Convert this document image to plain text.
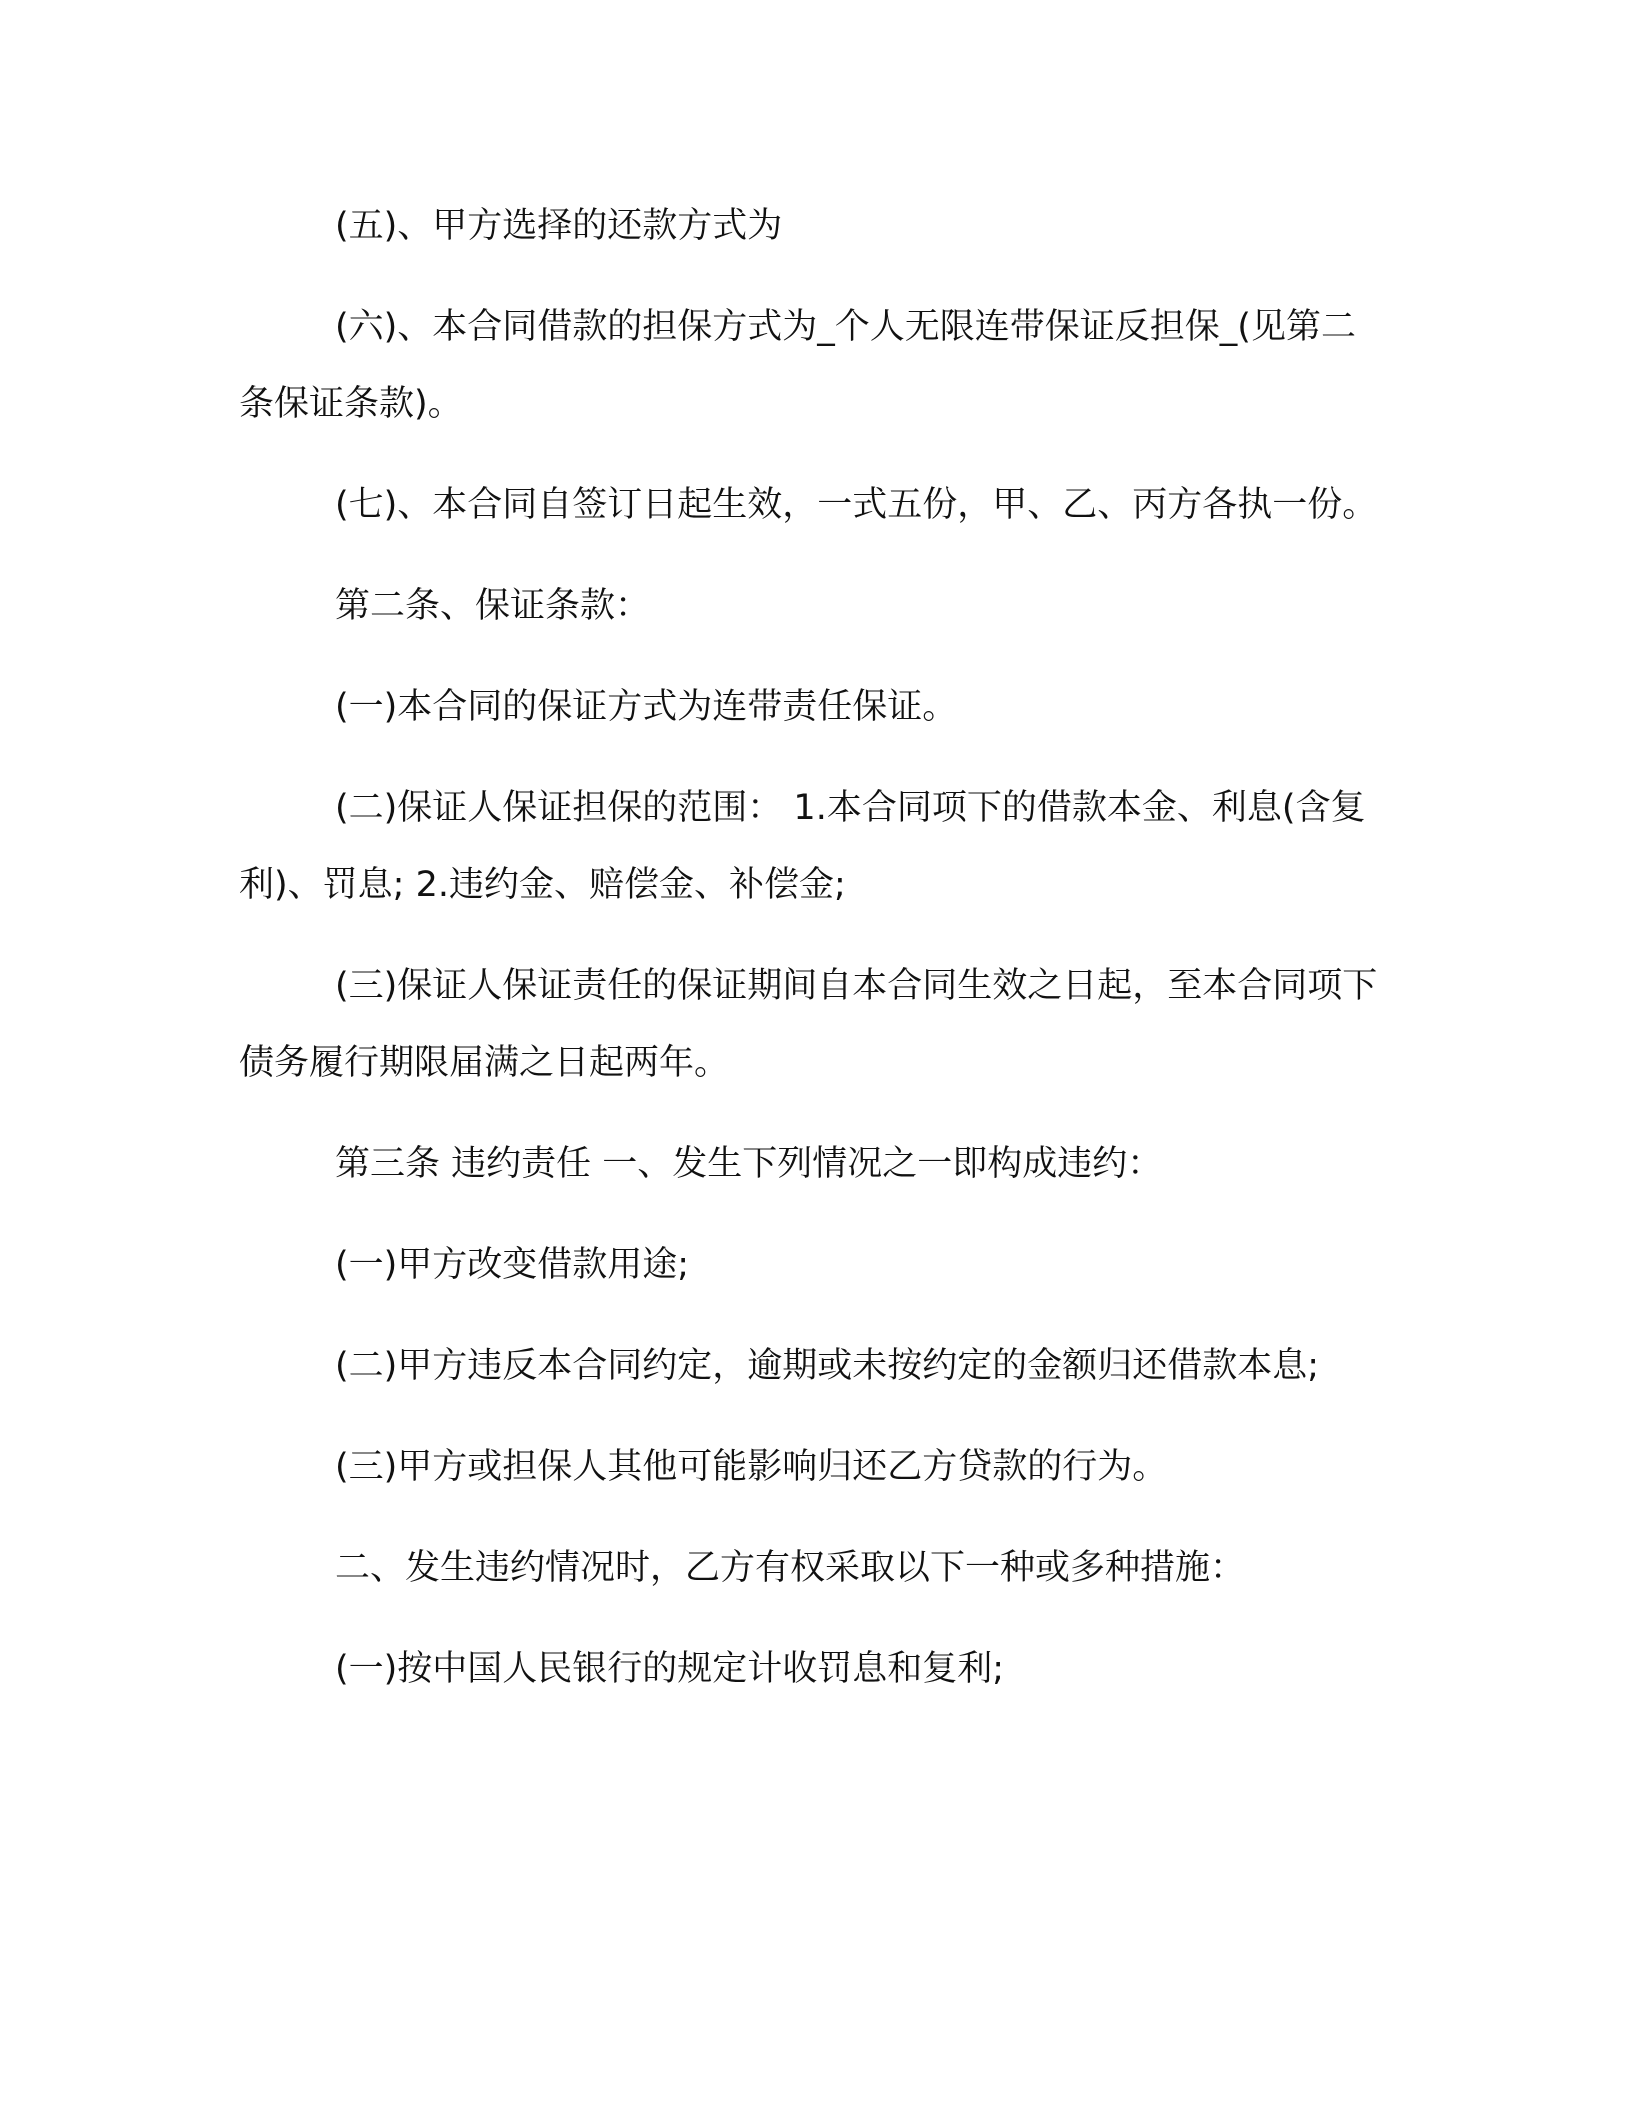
(五)、甲方选择的还款方式为

(六)、本合同借款的担保方式为_个人无限连带保证反担保_(见第二条保证条款)。

(七)、本合同自签订日起生效，一式五份，甲、乙、丙方各执一份。

第二条、保证条款：

(一)本合同的保证方式为连带责任保证。

(二)保证人保证担保的范围： 1.本合同项下的借款本金、利息(含复利)、罚息; 2.违约金、赔偿金、补偿金;

(三)保证人保证责任的保证期间自本合同生效之日起，至本合同项下债务履行期限届满之日起两年。

第三条 违约责任 一、发生下列情况之一即构成违约：

(一)甲方改变借款用途;

(二)甲方违反本合同约定，逾期或未按约定的金额归还借款本息;

(三)甲方或担保人其他可能影响归还乙方贷款的行为。

二、发生违约情况时，乙方有权采取以下一种或多种措施：

(一)按中国人民银行的规定计收罚息和复利;
